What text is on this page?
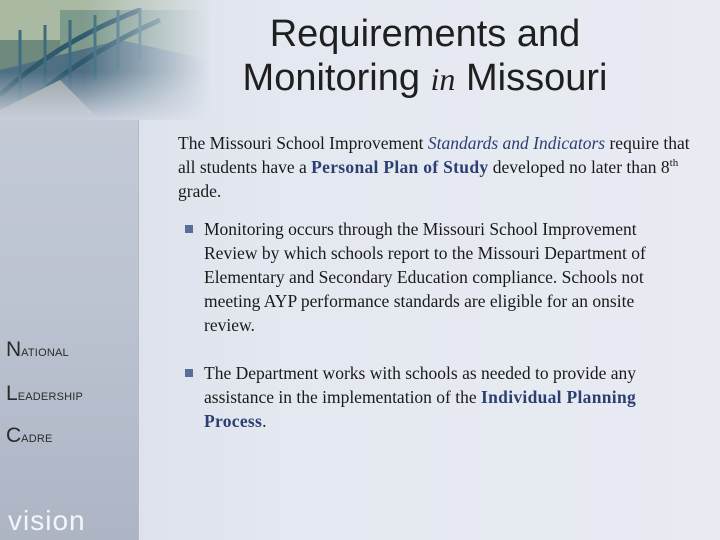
Requirements and
Monitoring in Missouri
The Missouri School Improvement Standards and Indicators require that all students have a Personal Plan of Study developed no later than 8th grade.
Monitoring occurs through the Missouri School Improvement Review by which schools report to the Missouri Department of Elementary and Secondary Education compliance. Schools not meeting AYP performance standards are eligible for an onsite review.
The Department works with schools as needed to provide any assistance in the implementation of the Individual Planning Process.
NATIONAL
LEADERSHIP
CADRE
vision
